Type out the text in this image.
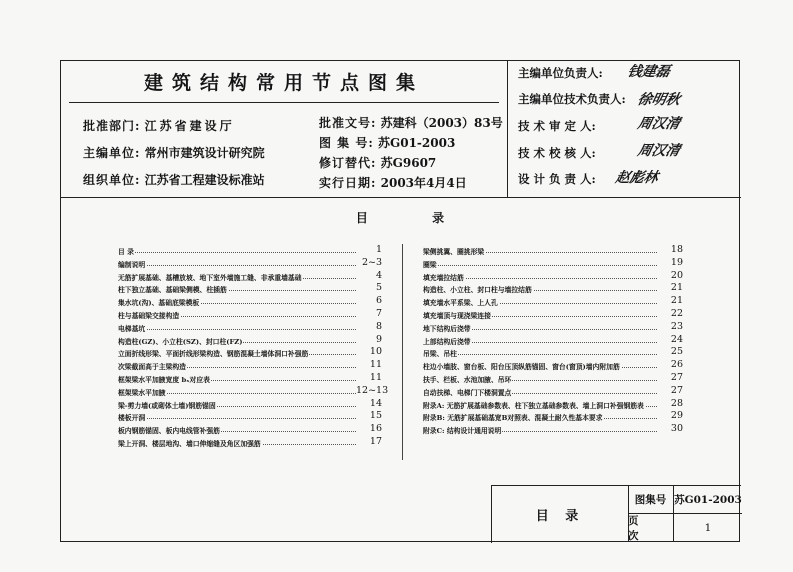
建筑结构常用节点图集
批准部门: 江苏省建设厅
主编单位: 常州市建筑设计研究院
组织单位: 江苏省工程建设标准站
批准文号: 苏建科（2003）83号
图 集 号: 苏G01-2003
修订替代: 苏G9607
实行日期: 2003年4月4日
主编单位负责人: 钱建磊
主编单位技术负责人: 徐明秋
技 术 审 定 人:	周汉清
技 术 校 核 人:	周汉清
设 计 负 责 人: 赵彪林
目 录
目 录	1
编制说明	2~3
无筋扩展基础、基槽放坡、地下室外墙施工缝、非承重墙基础	4
柱下独立基础、基础梁侧模、柱插筋	5
集水坑(沟)、基础底梁模板	6
柱与基础梁交接构造	7
电梯基坑	8
构造柱(GZ)、小立柱(SZ)、封口柱(FZ)	9
立面折线形梁、平面折线形梁构造、钢筋混凝土墙体洞口补强筋	10
次梁截面高于主梁构造	11
框架梁水平加腋宽度 bₓ对应表	11
框架梁水平加腋	12~13
梁-剪力墙(或砌体土墙)钢筋锚固	14
楼板开洞	15
板内钢筋锚固、板内电线管补强筋	16
梁上开洞、楼层地沟、墙口伸缩缝及角区加强筋	17
梁侧挑翼、圈挑形梁	18
圈梁	19
填充墙拉结筋	20
构造柱、小立柱、封口柱与墙拉结筋	21
填充墙水平系梁、上人孔	21
填充墙顶与现浇梁连接	22
地下结构后浇带	23
上部结构后浇带	24
吊梁、吊柱	25
柱边小墙肢、窗台板、阳台压顶纵筋锚固、窗台(窗顶)墙内附加筋	26
扶手、栏板、水池加腋、吊环	27
自动扶梯、电梯门下楼洞置点	27
附录A: 无筋扩展基础参数表、柱下独立基础参数表、墙上洞口补强钢筋表	28
附录B: 无筋扩展基础基宽B对照表、混凝土耐久性基本要求	29
附录C: 结构设计通用说明	30
目 录
图集号 苏G01-2003
页 次
1
